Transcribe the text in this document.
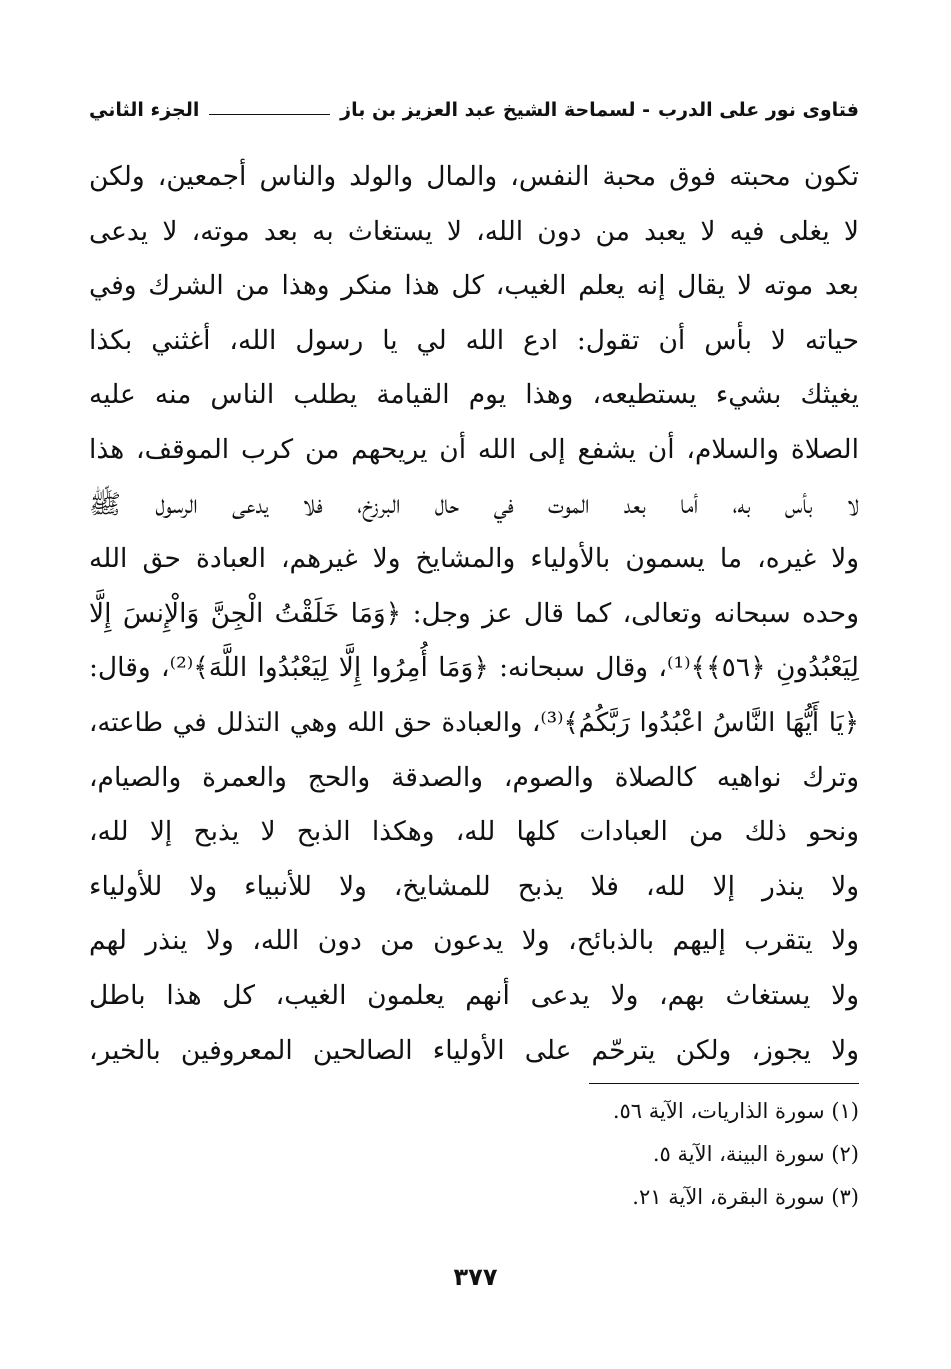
فتاوى نور على الدرب
- لسماحة الشيخ عبد العزيز بن باز
الجزء الثاني
تكون محبته فوق محبة النفس، والمال والولد والناس أجمعين، ولكن
لا يغلى فيه لا يعبد من دون الله، لا يستغاث به بعد موته، لا يدعى
بعد موته لا يقال إنه يعلم الغيب، كل هذا منكر وهذا من الشرك وفي
حياته لا بأس أن تقول: ادع الله لي يا رسول الله، أغثني بكذا
يغيثك بشيء يستطيعه، وهذا يوم القيامة يطلب الناس منه عليه
الصلاة والسلام، أن يشفع إلى الله أن يريحهم من كرب الموقف، هذا
لا بأس به، أما بعد الموت في حال البرزخ، فلا يدعى الرسول ﷺ
ولا غيره، ما يسمون بالأولياء والمشايخ ولا غيرهم، العبادة حق الله
وحده سبحانه وتعالى، كما قال عز وجل: ﴿وَمَا خَلَقْتُ الْجِنَّ وَالْإِنسَ إِلَّا
لِيَعْبُدُونِ ﴿٥٦﴾﴾⁽¹⁾، وقال سبحانه: ﴿وَمَا أُمِرُوا إِلَّا لِيَعْبُدُوا اللَّهَ﴾⁽²⁾، وقال:
﴿يَا أَيُّهَا النَّاسُ اعْبُدُوا رَبَّكُمُ﴾⁽³⁾، والعبادة حق الله وهي التذلل في طاعته،
وترك نواهيه كالصلاة والصوم، والصدقة والحج والعمرة والصيام،
ونحو ذلك من العبادات كلها لله، وهكذا الذبح لا يذبح إلا لله،
ولا ينذر إلا لله، فلا يذبح للمشايخ، ولا للأنبياء ولا للأولياء
ولا يتقرب إليهم بالذبائح، ولا يدعون من دون الله، ولا ينذر لهم
ولا يستغاث بهم، ولا يدعى أنهم يعلمون الغيب، كل هذا باطل
ولا يجوز، ولكن يترحّم على الأولياء الصالحين المعروفين بالخير،
(١) سورة الذاريات، الآية ٥٦.
(٢) سورة البينة، الآية ٥.
(٣) سورة البقرة، الآية ٢١.
٣٧٧
